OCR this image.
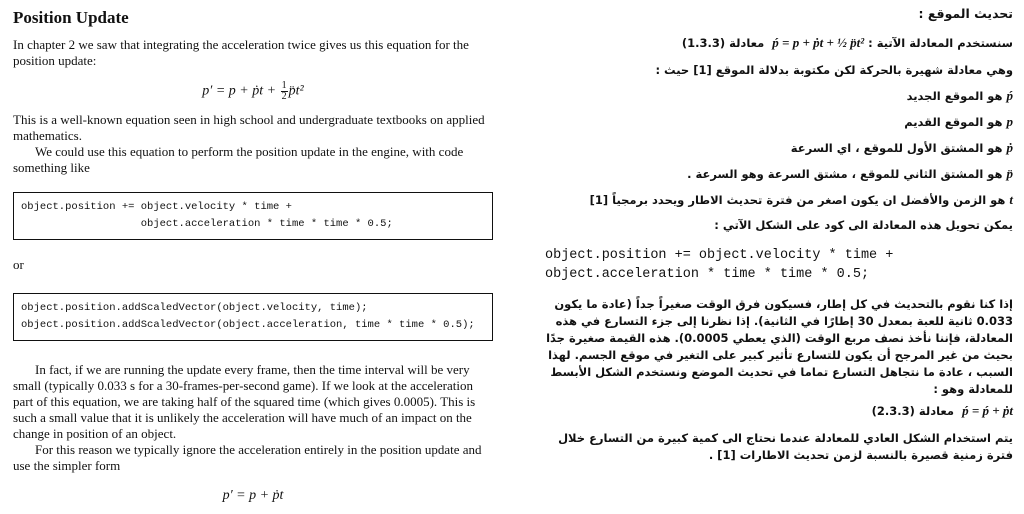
Position Update

In chapter 2 we saw that integrating the acceleration twice gives us this equation for the position update:

p′ = p + ṗt + $\frac{1}{2}$ p̈t²

This is a well-known equation seen in high school and undergraduate textbooks on applied mathematics.

We could use this equation to perform the position update in the engine, with code something like

object.position += object.velocity * time +
object.acceleration * time * time * 0.5;
or
object.position.addScaledVector(object.velocity, time);
object.position.addScaledVector(object.acceleration, time * time * 0.5);

In fact, if we are running the update every frame, then the time interval will be very small (typically 0.033 s for a 30-frames-per-second game). If we look at the acceleration part of this equation, we are taking half of the squared time (which gives 0.0005). This is such a small value that it is unlikely the acceleration will have much of an impact on the change in position of an object.

For this reason we typically ignore the acceleration entirely in the position update and use the simpler form

p′ = p + ṗt
تحديث الموقع :
سنستخدم المعادلة الآتية : ṕ = p + ṗt + ½ p̈t²  معادلة (1.3.3)
وهي معادلة شهيرة بالحركة لكن مكتوبة بدلالة الموقع [1] حيث :
ṕ هو الموقع الجديد
p هو الموقع القديم
ṗ هو المشتق الأول للموقع ، اي السرعة
p̈ هو المشتق الثاني للموقع ، مشتق السرعة وهو السرعة .
t هو الزمن والأفضل ان يكون اصغر من فترة تحديث الاطار ويحدد برمجياً [1]
يمكن تحويل هذه المعادلة الى كود على الشكل الآتي :
object.position += object.velocity * time +
object.acceleration * time * time * 0.5;
إذا كنا نقوم بالتحديث في كل إطار، فسيكون فرق الوقت صغيراً جداً (عادة ما يكون 0.033 ثانية للعبة بمعدل 30 إطارًا في الثانية). إذا نظرنا إلى جزء التسارع في هذه المعادلة، فإننا نأخذ نصف مربع الوقت (الذي يعطي 0.0005). هذه القيمة صغيرة جدًا بحيث من غير المرجح أن يكون للتسارع تأثير كبير على التغير في موقع الجسم. لهذا السبب ، عادة ما نتجاهل التسارع تماما في تحديث الموضع ونستخدم الشكل الأبسط للمعادلة وهو :
ṕ = ṕ + ṗt  معادلة (2.3.3)
يتم استخدام الشكل العادي للمعادلة عندما نحتاج الى كمية كبيرة من التسارع خلال فترة زمنية قصيرة بالنسبة لزمن تحديث الاطارات [1] .
